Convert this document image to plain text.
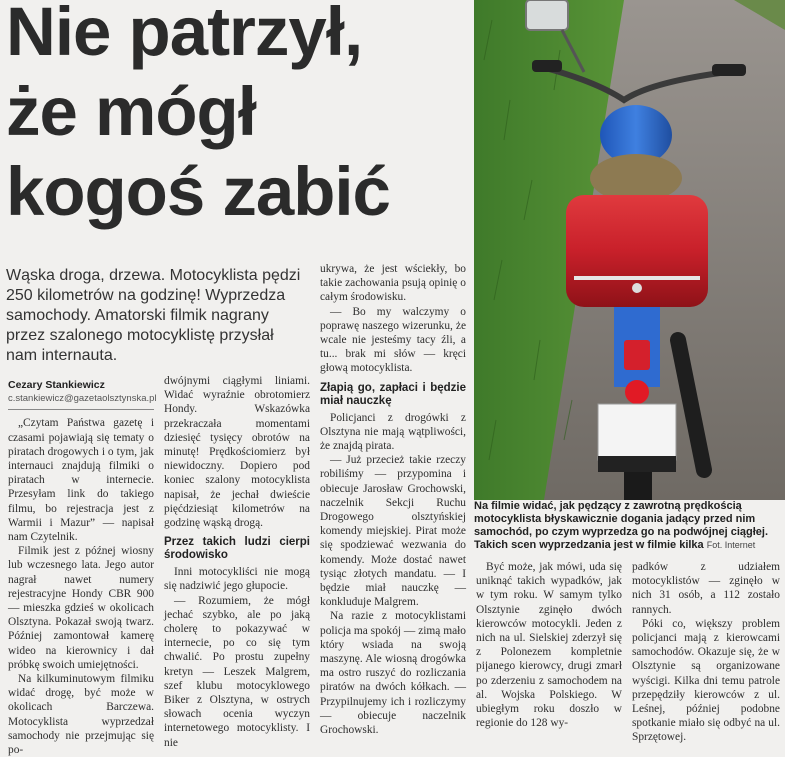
Nie patrzył,
że mógł
kogoś zabić
Wąska droga, drzewa. Motocyklista pędzi 250 kilometrów na godzinę! Wyprzedza samochody. Amatorski filmik nagrany przez szalonego motocyklistę przysłał nam internauta.
Cezary Stankiewicz
c.stankiewicz@gazetaolsztynska.pl

„Czytam Państwa gazetę i czasami pojawiają się tematy o piratach drogowych i o tym, jak internauci znajdują filmiki o piratach w internecie. Przesyłam link do takiego filmu, bo rejestracja jest z Warmii i Mazur” — napisał nam Czytelnik.

Filmik jest z późnej wiosny lub wczesnego lata. Jego autor nagrał nawet numery rejestracyjne Hondy CBR 900 — mieszka gdzieś w okolicach Olsztyna. Pokazał swoją twarz. Później zamontował kamerę wideo na kierownicy i dał próbkę swoich umiejętności.

Na kilkuminutowym filmiku widać drogę, być może w okolicach Barczewa. Motocyklista wyprzedzał samochody nie przejmując się po-

dwójnymi ciągłymi liniami. Widać wyraźnie obrotomierz Hondy. Wskazówka przekraczała momentami dziesięć tysięcy obrotów na minutę! Prędkościomierz był niewidoczny. Dopiero pod koniec szalony motocyklista napisał, że jechał dwieście pięćdziesiąt kilometrów na godzinę wąską drogą.

Przez takich ludzi cierpi środowisko

Inni motocykliści nie mogą się nadziwić jego głupocie.

— Rozumiem, że mógł jechać szybko, ale po jaką cholerę to pokazywać w internecie, po co się tym chwalić. Po prostu zupełny kretyn — Leszek Malgrem, szef klubu motocyklowego Biker z Olsztyna, w ostrych słowach ocenia wyczyn internetowego motocyklisty. I nie

ukrywa, że jest wściekły, bo takie zachowania psują opinię o całym środowisku.

— Bo my walczymy o poprawę naszego wizerunku, że wcale nie jesteśmy tacy źli, a tu... brak mi słów — kręci głową motocyklista.

Złapią go, zapłaci i będzie miał nauczkę

Policjanci z drogówki z Olsztyna nie mają wątpliwości, że znajdą pirata.

— Już przecież takie rzeczy robiliśmy — przypomina i obiecuje Jarosław Grochowski, naczelnik Sekcji Ruchu Drogowego olsztyńskiej komendy miejskiej. Pirat może się spodziewać wezwania do komendy. Może dostać nawet tysiąc złotych mandatu. — I będzie miał nauczkę — konkluduje Malgrem.

Na razie z motocyklistami policja ma spokój — zimą mało który wsiada na swoją maszynę. Ale wiosną drogówka ma ostro ruszyć do rozliczania piratów na dwóch kółkach. — Przypilnujemy ich i rozliczymy — obiecuje naczelnik Grochowski.

Na filmie widać, jak pędzący z zawrotną prędkością motocyklista błyskawicznie dogania jadący przed nim samochód, po czym wyprzedza go na podwójnej ciągłej. Takich scen wyprzedzania jest w filmie kilka Fot. Internet

Być może, jak mówi, uda się uniknąć takich wypadków, jak w tym roku. W samym tylko Olsztynie zginęło dwóch kierowców motocykli. Jeden z nich na ul. Sielskiej zderzył się z Polonezem kompletnie pijanego kierowcy, drugi zmarł po zderzeniu z samochodem na al. Wojska Polskiego. W ubiegłym roku doszło w regionie do 128 wy-

padków z udziałem motocyklistów — zginęło w nich 31 osób, a 112 zostało rannych.

Póki co, większy problem policjanci mają z kierowcami samochodów. Okazuje się, że w Olsztynie są organizowane wyścigi. Kilka dni temu patrole przepędziły kierowców z ul. Leśnej, później podobne spotkanie miało się odbyć na ul. Sprzętowej.
